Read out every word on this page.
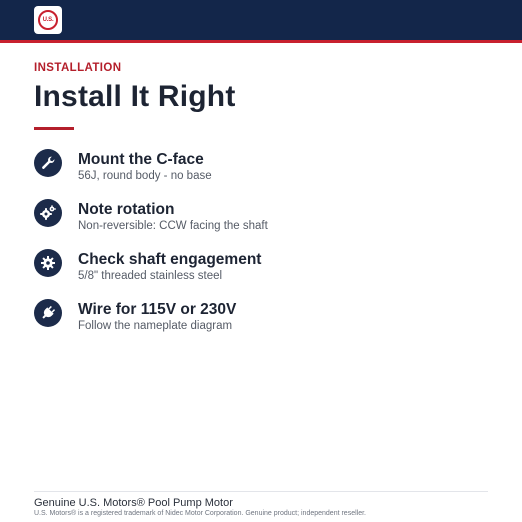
U.S.
INSTALLATION
Install It Right
Mount the C-face
56J, round body - no base
Note rotation
Non-reversible: CCW facing the shaft
Check shaft engagement
5/8" threaded stainless steel
Wire for 115V or 230V
Follow the nameplate diagram
Genuine U.S. Motors® Pool Pump Motor
U.S. Motors® is a registered trademark of Nidec Motor Corporation. Genuine product; independent reseller.
